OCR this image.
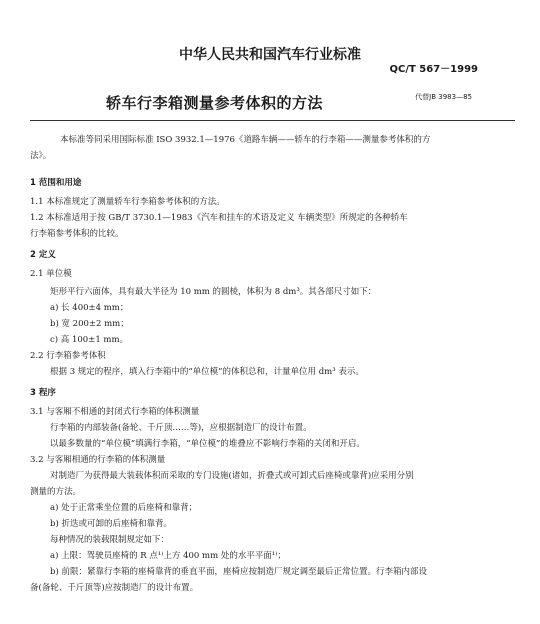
中华人民共和国汽车行业标准
QC/T 567－1999
轿车行李箱测量参考体积的方法	代替JB 3983—85
本标准等同采用国际标准 ISO 3932.1—1976《道路车辆——轿车的行李箱——测量参考体积的方
法》。
1 范围和用途
1.1 本标准规定了测量轿车行李箱参考体积的方法。
1.2 本标准适用于按 GB/T 3730.1—1983《汽车和挂车的术语及定义 车辆类型》所规定的各种轿车
行李箱参考体积的比较。
2 定义
2.1 单位模
矩形平行六面体，具有最大半径为 10 mm 的圆棱，体积为 8 dm³。其各部尺寸如下：
a) 长 400±4 mm；
b) 宽 200±2 mm；
c) 高 100±1 mm。
2.2 行李箱参考体积
根据 3 规定的程序，填入行李箱中的“单位模”的体积总和，计量单位用 dm³ 表示。
3 程序
3.1 与客厢不相通的封闭式行李箱的体积测量
行李箱的内部装备(备轮、千斤顶……等)，应根据制造厂的设计布置。
以最多数量的“单位模”填满行李箱，“单位模”的堆叠应不影响行李箱的关闭和开启。
3.2 与客厢相通的行李箱的体积测量
对制造厂为获得最大装载体积而采取的专门设施(诸如，折叠式或可卸式后座椅或靠背)应采用分别
测量的方法。
a) 处于正常乘坐位置的后座椅和靠背；
b) 折迭或可卸的后座椅和靠背。
每种情况的装载限制规定如下：
a) 上限：驾驶员座椅的 R 点¹⁾上方 400 mm 处的水平平面¹⁾；
b) 前限：紧靠行李箱的座椅靠背的垂直平面，座椅应按制造厂规定调至最后正常位置。行李箱内部设
备(备轮、千斤顶等)应按制造厂的设计布置。
